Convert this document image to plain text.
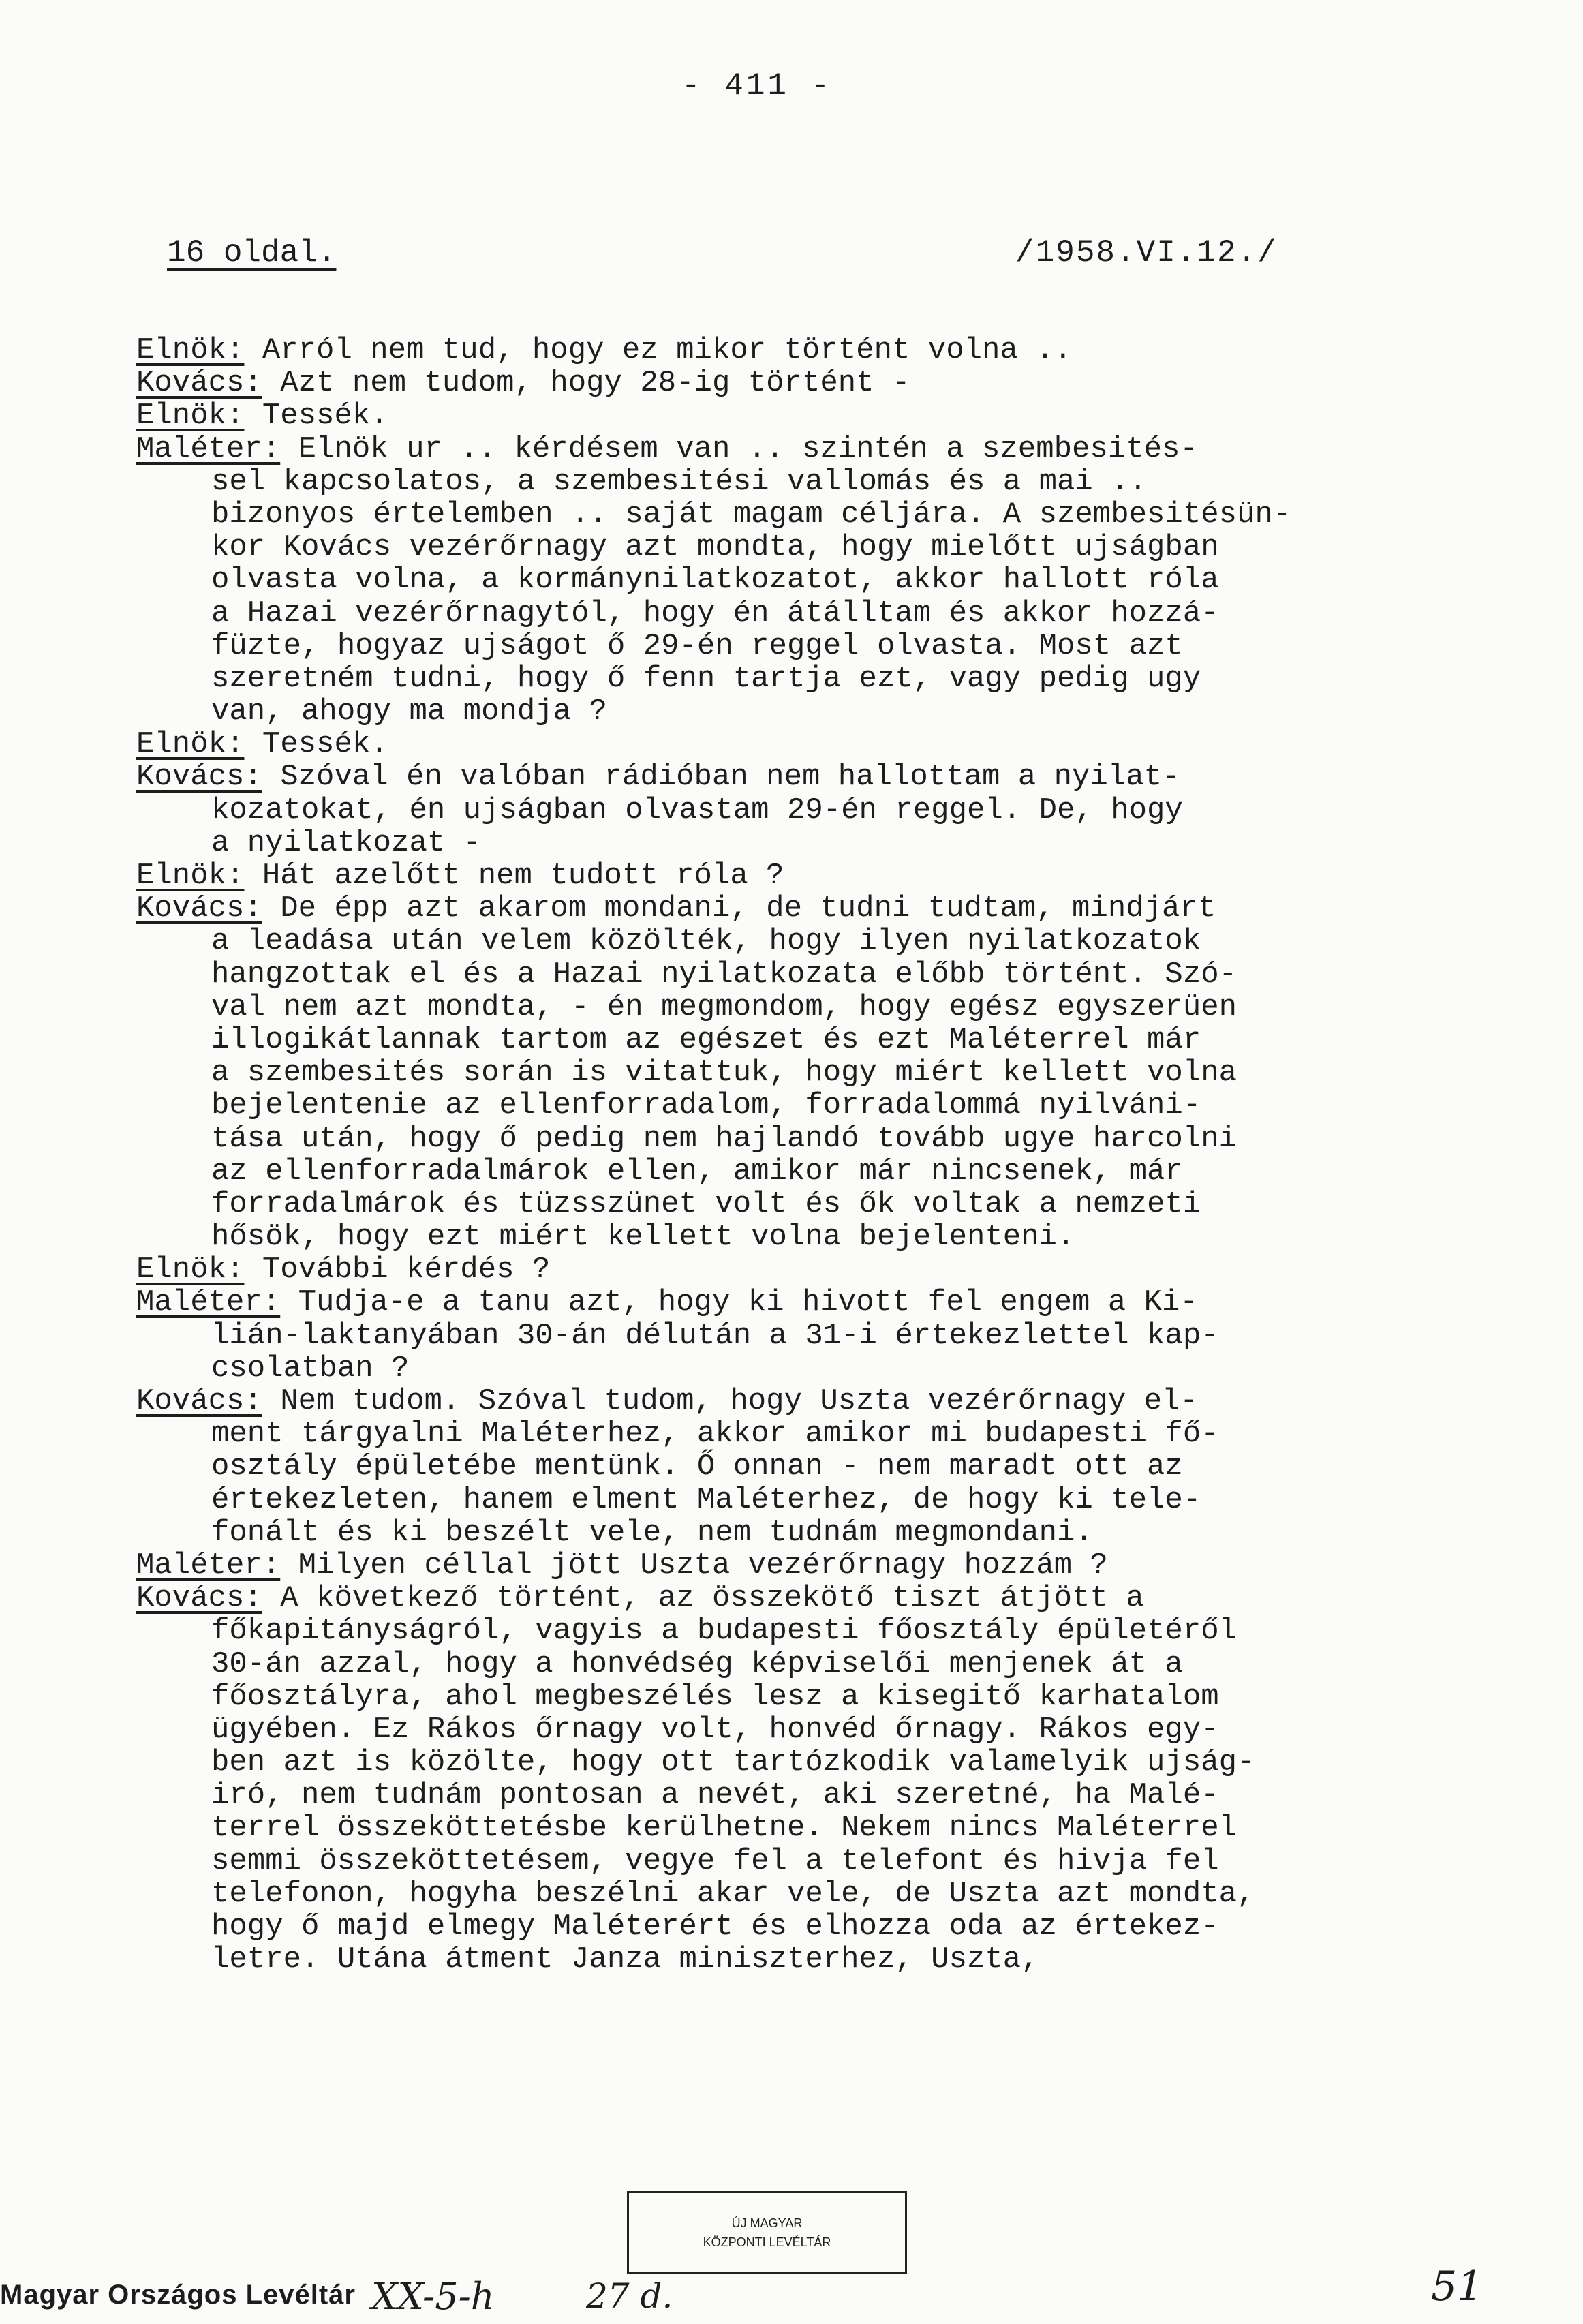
- 411 -
16 oldal.	/1958.VI.12./
Elnök: Arról nem tud, hogy ez mikor történt volna ..
Kovács: Azt nem tudom, hogy 28-ig történt -
Elnök: Tessék.
Maléter: Elnök ur .. kérdésem van .. szintén a szembesités-
sel kapcsolatos, a szembesitési vallomás és a mai ..
bizonyos értelemben .. saját magam céljára. A szembesitésün-
kor Kovács vezérőrnagy azt mondta, hogy mielőtt ujságban
olvasta volna, a kormánynilatkozatot, akkor hallott róla
a Hazai vezérőrnagytól, hogy én átálltam és akkor hozzá-
füzte, hogyaz ujságot ő 29-én reggel olvasta. Most azt
szeretném tudni, hogy ő fenn tartja ezt, vagy pedig ugy
van, ahogy ma mondja ?
Elnök: Tessék.
Kovács: Szóval én valóban rádióban nem hallottam a nyilat-
kozatokat, én ujságban olvastam 29-én reggel. De, hogy
a nyilatkozat -
Elnök: Hát azelőtt nem tudott róla ?
Kovács: De épp azt akarom mondani, de tudni tudtam, mindjárt
a leadása után velem közölték, hogy ilyen nyilatkozatok
hangzottak el és a Hazai nyilatkozata előbb történt. Szó-
val nem azt mondta, - én megmondom, hogy egész egyszerüen
illogikátlannak tartom az egészet és ezt Maléterrel már
a szembesités során is vitattuk, hogy miért kellett volna
bejelentenie az ellenforradalom, forradalommá nyilváni-
tása után, hogy ő pedig nem hajlandó tovább ugye harcolni
az ellenforradalmárok ellen, amikor már nincsenek, már
forradalmárok és tüzsszünet volt és ők voltak a nemzeti
hősök, hogy ezt miért kellett volna bejelenteni.
Elnök: További kérdés ?
Maléter: Tudja-e a tanu azt, hogy ki hivott fel engem a Ki-
lián-laktanyában 30-án délután a 31-i értekezlettel kap-
csolatban ?
Kovács: Nem tudom. Szóval tudom, hogy Uszta vezérőrnagy el-
ment tárgyalni Maléterhez, akkor amikor mi budapesti fő-
osztály épületébe mentünk. Ő onnan - nem maradt ott az
értekezleten, hanem elment Maléterhez, de hogy ki tele-
fonált és ki beszélt vele, nem tudnám megmondani.
Maléter: Milyen céllal jött Uszta vezérőrnagy hozzám ?
Kovács: A következő történt, az összekötő tiszt átjött a
főkapitányságról, vagyis a budapesti főosztály épületéről
30-án azzal, hogy a honvédség képviselői menjenek át a
főosztályra, ahol megbeszélés lesz a kisegitő karhatalom
ügyében. Ez Rákos őrnagy volt, honvéd őrnagy. Rákos egy-
ben azt is közölte, hogy ott tartózkodik valamelyik ujság-
iró, nem tudnám pontosan a nevét, aki szeretné, ha Malé-
terrel összeköttetésbe kerülhetne. Nekem nincs Maléterrel
semmi összeköttetésem, vegye fel a telefont és hivja fel
telefonon, hogyha beszélni akar vele, de Uszta azt mondta,
hogy ő majd elmegy Maléterért és elhozza oda az értekez-
letre. Utána átment Janza miniszterhez, Uszta,
ÚJ MAGYAR
KÖZPONTI LEVÉLTÁR
Magyar Országos Levéltár XX-5-h	27 d.	51
